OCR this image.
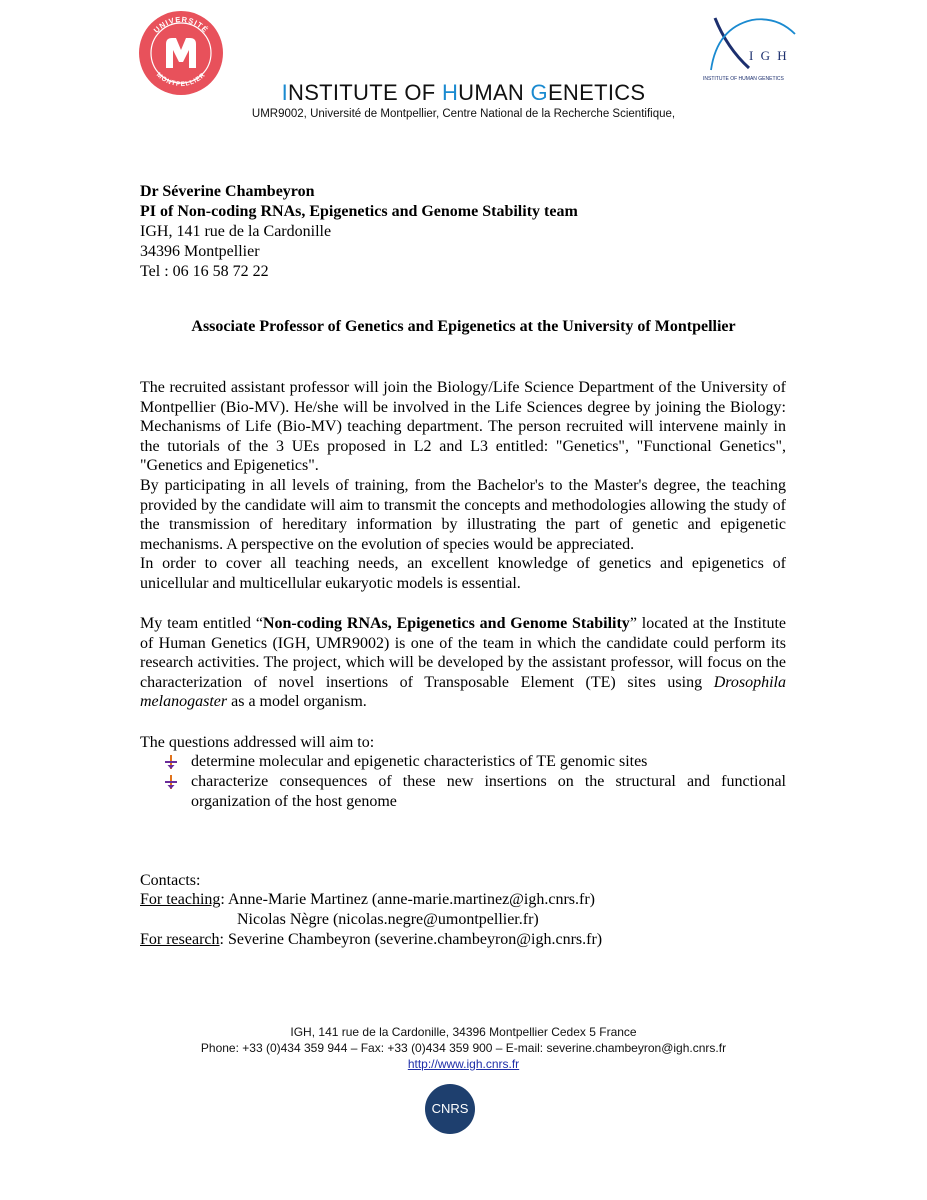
UNIVERSITÉ
MONTPELLIER
I G H
INSTITUTE OF HUMAN GENETICS
INSTITUTE OF HUMAN GENETICS
UMR9002, Université de Montpellier, Centre National de la Recherche Scientifique,
Dr Séverine Chambeyron
PI of Non-coding RNAs, Epigenetics and Genome Stability team
IGH, 141 rue de la Cardonille
34396 Montpellier
Tel : 06 16 58 72 22
Associate Professor of Genetics and Epigenetics at the University of Montpellier

The recruited assistant professor will join the Biology/Life Science Department of the University of Montpellier (Bio-MV). He/she will be involved in the Life Sciences degree by joining the Biology: Mechanisms of Life (Bio-MV) teaching department. The person recruited will intervene mainly in the tutorials of the 3 UEs proposed in L2 and L3 entitled: "Genetics", "Functional Genetics", "Genetics and Epigenetics".

By participating in all levels of training, from the Bachelor's to the Master's degree, the teaching provided by the candidate will aim to transmit the concepts and methodologies allowing the study of the transmission of hereditary information by illustrating the part of genetic and epigenetic mechanisms. A perspective on the evolution of species would be appreciated.

In order to cover all teaching needs, an excellent knowledge of genetics and epigenetics of unicellular and multicellular eukaryotic models is essential.

My team entitled “Non-coding RNAs, Epigenetics and Genome Stability” located at the Institute of Human Genetics (IGH, UMR9002) is one of the team in which the candidate could perform its research activities. The project, which will be developed by the assistant professor, will focus on the characterization of novel insertions of Transposable Element (TE) sites using Drosophila melanogaster as a model organism.

The questions addressed will aim to:
determine molecular and epigenetic characteristics of TE genomic sites
characterize consequences of these new insertions on the structural and functional organization of the host genome
Contacts:
For teaching: Anne-Marie Martinez (anne-marie.martinez@igh.cnrs.fr)
Nicolas Nègre (nicolas.negre@umontpellier.fr)
For research: Severine Chambeyron (severine.chambeyron@igh.cnrs.fr)
IGH, 141 rue de la Cardonille, 34396 Montpellier Cedex 5 France
Phone: +33 (0)434 359 944 – Fax: +33 (0)434 359 900 – E-mail: severine.chambeyron@igh.cnrs.fr
http://www.igh.cnrs.fr
CNRS
